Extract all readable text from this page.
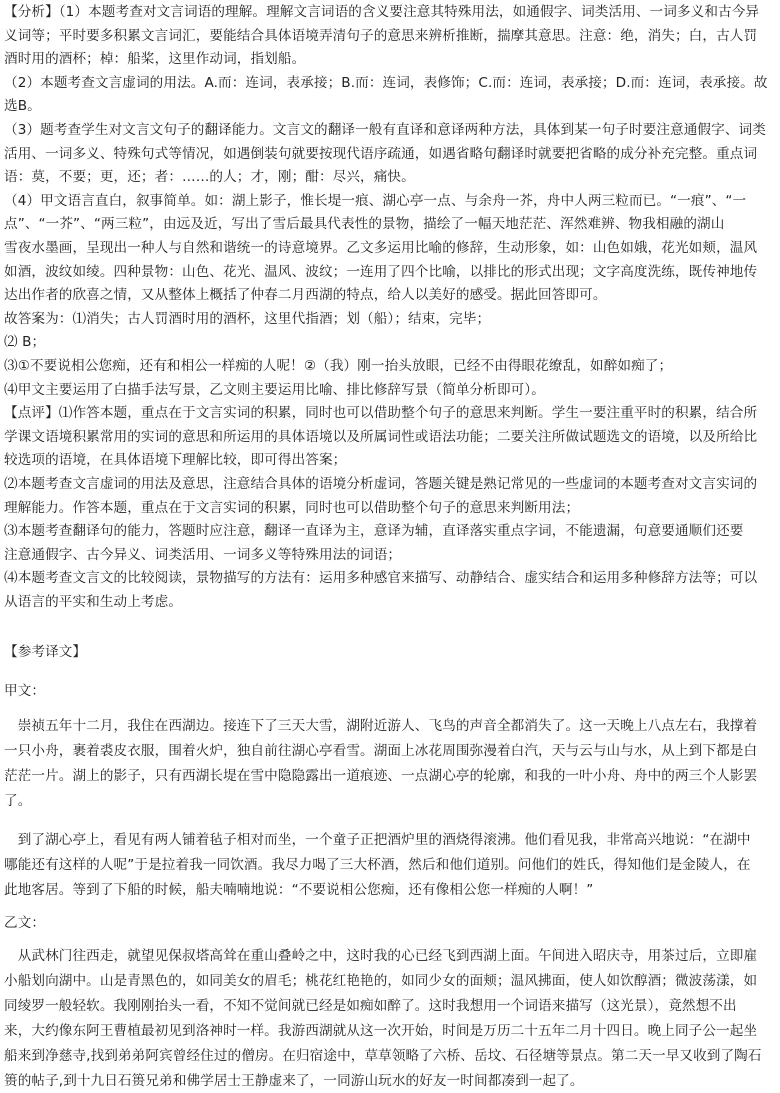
【分析】（1）本题考查对文言词语的理解。理解文言词语的含义要注意其特殊用法，如通假字、词类活用、一词多义和古今异
义词等；平时要多积累文言词汇，要能结合具体语境弄清句子的意思来辨析推断，揣摩其意思。注意：绝，消失；白，古人罚
酒时用的酒杯；棹：船桨，这里作动词，指划船。
（2）本题考查文言虚词的用法。A.而：连词，表承接；B.而：连词，表修饰；C.而：连词，表承接；D.而：连词，表承接。故
选B。
（3）题考查学生对文言文句子的翻译能力。文言文的翻译一般有直译和意译两种方法，具体到某一句子时要注意通假字、词类
活用、一词多义、特殊句式等情况，如遇倒装句就要按现代语序疏通，如遇省略句翻译时就要把省略的成分补充完整。重点词
语：莫，不要；更，还；者：……的人；才，刚；酣：尽兴，痛快。
（4）甲文语言直白，叙事简单。如：湖上影子，惟长堤一痕、湖心亭一点、与余舟一芥，舟中人两三粒而已。“一痕”、“一
点”、“一芥”、“两三粒”，由远及近，写出了雪后最具代表性的景物，描绘了一幅天地茫茫、浑然难辨、物我相融的湖山
雪夜水墨画，呈现出一种人与自然和谐统一的诗意境界。乙文多运用比喻的修辞，生动形象，如：山色如娥，花光如颊，温风
如酒，波纹如绫。四种景物：山色、花光、温风、波纹；一连用了四个比喻，以排比的形式出现；文字高度洗练，既传神地传
达出作者的欣喜之情，又从整体上概括了仲春二月西湖的特点，给人以美好的感受。据此回答即可。
故答案为：⑴消失；古人罚酒时用的酒杯，这里代指酒；划（船）；结束，完毕；
⑵ B；
⑶①不要说相公您痴，还有和相公一样痴的人呢！②（我）刚一抬头放眼，已经不由得眼花缭乱，如醉如痴了；
⑷甲文主要运用了白描手法写景，乙文则主要运用比喻、排比修辞写景（简单分析即可）。
【点评】⑴作答本题，重点在于文言实词的积累，同时也可以借助整个句子的意思来判断。学生一要注重平时的积累，结合所
学课文语境积累常用的实词的意思和所运用的具体语境以及所属词性或语法功能；二要关注所做试题选文的语境，以及所给比
较选项的语境，在具体语境下理解比较，即可得出答案；
⑵本题考查文言虚词的用法及意思，注意结合具体的语境分析虚词，答题关键是熟记常见的一些虚词的本题考查对文言实词的
理解能力。作答本题，重点在于文言实词的积累，同时也可以借助整个句子的意思来判断用法；
⑶本题考查翻译句的能力，答题时应注意，翻译一直译为主，意译为辅，直译落实重点字词，不能遗漏，句意要通顺们还要
注意通假字、古今异义、词类活用、一词多义等特殊用法的词语；
⑷本题考查文言文的比较阅读，景物描写的方法有：运用多种感官来描写、动静结合、虚实结合和运用多种修辞方法等；可以
从语言的平实和生动上考虑。
【参考译文】
甲文：
　崇祯五年十二月，我住在西湖边。接连下了三天大雪，湖附近游人、飞鸟的声音全都消失了。这一天晚上八点左右，我撑着
一只小舟，裹着裘皮衣服，围着火炉，独自前往湖心亭看雪。湖面上冰花周围弥漫着白汽，天与云与山与水，从上到下都是白
茫茫一片。湖上的影子，只有西湖长堤在雪中隐隐露出一道痕迹、一点湖心亭的轮廓，和我的一叶小舟、舟中的两三个人影罢
了。
　到了湖心亭上，看见有两人铺着毡子相对而坐，一个童子正把酒炉里的酒烧得滚沸。他们看见我，非常高兴地说：“在湖中
哪能还有这样的人呢”于是拉着我一同饮酒。我尽力喝了三大杯酒，然后和他们道别。问他们的姓氏，得知他们是金陵人，在
此地客居。等到了下船的时候，船夫喃喃地说：“不要说相公您痴，还有像相公您一样痴的人啊！”
乙文：
　从武林门往西走，就望见保叔塔高耸在重山叠岭之中，这时我的心已经飞到西湖上面。午间进入昭庆寺，用茶过后，立即雇
小船划向湖中。山是青黑色的，如同美女的眉毛；桃花红艳艳的，如同少女的面颊；温风拂面，使人如饮醇酒；微波荡漾，如
同绫罗一般轻软。我刚刚抬头一看，不知不觉间就已经是如痴如醉了。这时我想用一个词语来描写（这光景），竟然想不出
来，大约像东阿王曹植最初见到洛神时一样。我游西湖就从这一次开始，时间是万历二十五年二月十四日。晚上同子公一起坐
船来到净慈寺,找到弟弟阿宾曾经住过的僧房。在归宿途中，草草领略了六桥、岳坟、石径塘等景点。第二天一早又收到了陶石
篑的帖子,到十九日石篑兄弟和佛学居士王静虚来了，一同游山玩水的好友一时间都凑到一起了。
